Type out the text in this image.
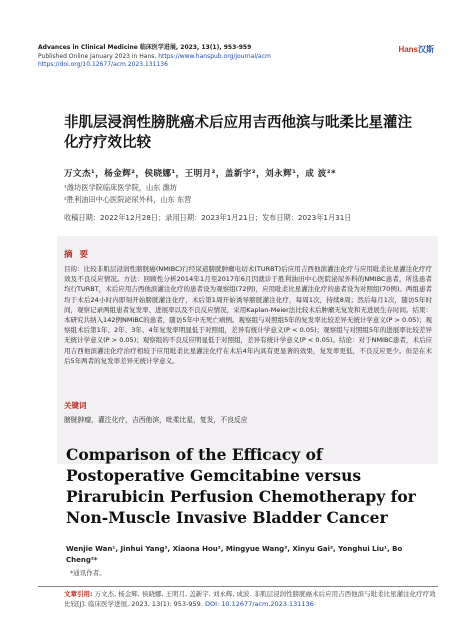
Advances in Clinical Medicine 临床医学进展, 2023, 13(1), 953-959
Published Online January 2023 in Hans. https://www.hanspub.org/journal/acm
https://doi.org/10.12677/acm.2023.131136
Hans汉斯
非肌层浸润性膀胱癌术后应用吉西他滨与吡柔比星灌注化疗疗效比较
万文杰¹，杨金辉²，侯晓娜¹，王明月²，盖新宇²，刘永辉¹，成 波²*
¹潍坊医学院临床医学院，山东 潍坊
²胜利油田中心医院泌尿外科，山东 东营
收稿日期：2022年12月28日；录用日期：2023年1月21日；发布日期：2023年1月31日
摘 要
目的：比较非肌层浸润性膀胱癌(NMIBC)行经尿道膀胱肿瘤电切术(TURBT)后应用吉西他滨灌注化疗与应用吡柔比星灌注化疗疗效及不良反应情况。方法：回顾性分析2014年1月至2017年6月因就诊于胜利油田中心医院泌尿外科的NMIBC患者，所选患者均行TURBT，术后应用吉西他滨灌注化疗的患者设为观察组(72例)，应用吡柔比星灌注化疗的患者设为对照组(70例)。两组患者均于术后24小时内即刻开始膀胱灌注化疗，术后第1周开始诱导膀胱灌注化疗，每周1次，持续8周；然后每月1次，随访5年时间，观察记录两组患者复发率、进展率以及不良反应情况，采用Kaplan-Meier法比较术后肿瘤无复发和无进展生存时间。结果：本研究共纳入142例NMIBC的患者，随访5年中无死亡病例。观察组与对照组5年的复发率比较差异无统计学意义(P > 0.05)；观察组术后第1年、2年、3年、4年复发率明显低于对照组，差异有统计学意义(P < 0.05)；观察组与对照组5年的进展率比较差异无统计学意义(P > 0.05)；观察组的不良反应明显低于对照组，差异有统计学意义(P < 0.05)。结论：对于NMIBC患者，术后应用吉西他滨灌注化疗治疗相较于应用吡柔比星灌注化疗在术后4年内具有更显著的效果，复发率更低，不良反应更少。但是在术后5年两者的复发率差异无统计学意义。
关键词
膀胱肿瘤，灌注化疗，吉西他滨，吡柔比星，复发，不良反应
Comparison of the Efficacy of Postoperative Gemcitabine versus Pirarubicin Perfusion Chemotherapy for Non-Muscle Invasive Bladder Cancer
Wenjie Wan¹, Jinhui Yang², Xiaona Hou², Mingyue Wang², Xinyu Gai², Yonghui Liu¹, Bo Cheng²*
*通讯作者。
文章引用: 万文杰, 杨金辉, 侯晓娜, 王明月, 盖新宇, 刘永辉, 成波. 非肌层浸润性膀胱癌术后应用吉西他滨与吡柔比星灌注化疗疗效比较[J]. 临床医学进展, 2023, 13(1): 953-959. DOI: 10.12677/acm.2023.131136
